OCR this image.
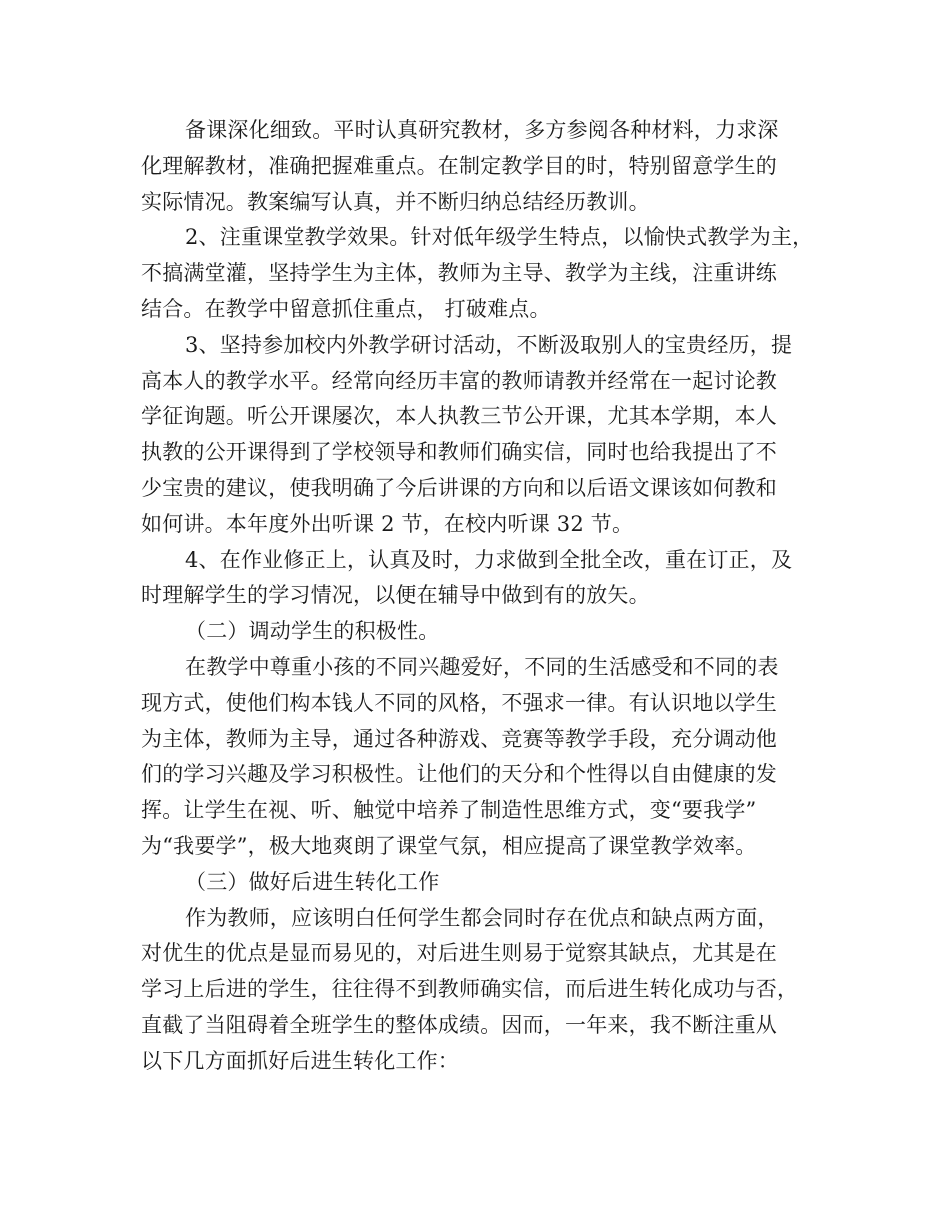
备课深化细致。平时认真研究教材，多方参阅各种材料，力求深
化理解教材，准确把握难重点。在制定教学目的时，特别留意学生的
实际情况。教案编写认真，并不断归纳总结经历教训。
2、注重课堂教学效果。针对低年级学生特点，以愉快式教学为主，
不搞满堂灌，坚持学生为主体，教师为主导、教学为主线，注重讲练
结合。在教学中留意抓住重点， 打破难点。
3、坚持参加校内外教学研讨活动，不断汲取别人的宝贵经历，提
高本人的教学水平。经常向经历丰富的教师请教并经常在一起讨论教
学征询题。听公开课屡次，本人执教三节公开课，尤其本学期，本人
执教的公开课得到了学校领导和教师们确实信，同时也给我提出了不
少宝贵的建议，使我明确了今后讲课的方向和以后语文课该如何教和
如何讲。本年度外出听课 2 节，在校内听课 32 节。
4、在作业修正上，认真及时，力求做到全批全改，重在订正，及
时理解学生的学习情况，以便在辅导中做到有的放矢。
（二）调动学生的积极性。
在教学中尊重小孩的不同兴趣爱好，不同的生活感受和不同的表
现方式，使他们构本钱人不同的风格，不强求一律。有认识地以学生
为主体，教师为主导，通过各种游戏、竞赛等教学手段，充分调动他
们的学习兴趣及学习积极性。让他们的天分和个性得以自由健康的发
挥。让学生在视、听、触觉中培养了制造性思维方式，变“要我学”
为“我要学”，极大地爽朗了课堂气氛，相应提高了课堂教学效率。
（三）做好后进生转化工作
作为教师，应该明白任何学生都会同时存在优点和缺点两方面，
对优生的优点是显而易见的，对后进生则易于觉察其缺点，尤其是在
学习上后进的学生，往往得不到教师确实信，而后进生转化成功与否，
直截了当阻碍着全班学生的整体成绩。因而，一年来，我不断注重从
以下几方面抓好后进生转化工作：
